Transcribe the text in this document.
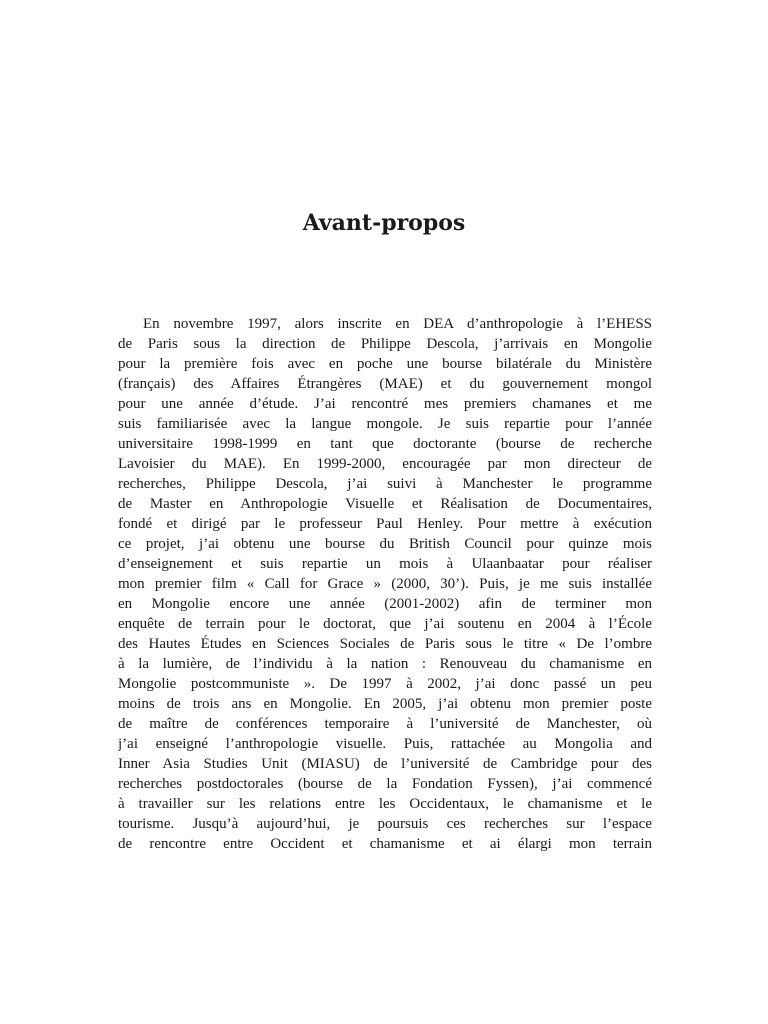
Avant-propos
En novembre 1997, alors inscrite en DEA d’anthropologie à l’EHESS
de Paris sous la direction de Philippe Descola, j’arrivais en Mongolie
pour la première fois avec en poche une bourse bilatérale du Ministère
(français) des Affaires Étrangères (MAE) et du gouvernement mongol
pour une année d’étude. J’ai rencontré mes premiers chamanes et me
suis familiarisée avec la langue mongole. Je suis repartie pour l’année
universitaire 1998-1999 en tant que doctorante (bourse de recherche
Lavoisier du MAE). En 1999-2000, encouragée par mon directeur de
recherches, Philippe Descola, j’ai suivi à Manchester le programme
de Master en Anthropologie Visuelle et Réalisation de Documentaires,
fondé et dirigé par le professeur Paul Henley. Pour mettre à exécution
ce projet, j’ai obtenu une bourse du British Council pour quinze mois
d’enseignement et suis repartie un mois à Ulaanbaatar pour réaliser
mon premier film « Call for Grace » (2000, 30’). Puis, je me suis installée
en Mongolie encore une année (2001-2002) afin de terminer mon
enquête de terrain pour le doctorat, que j’ai soutenu en 2004 à l’École
des Hautes Études en Sciences Sociales de Paris sous le titre « De l’ombre
à la lumière, de l’individu à la nation : Renouveau du chamanisme en
Mongolie postcommuniste ». De 1997 à 2002, j’ai donc passé un peu
moins de trois ans en Mongolie. En 2005, j’ai obtenu mon premier poste
de maître de conférences temporaire à l’université de Manchester, où
j’ai enseigné l’anthropologie visuelle. Puis, rattachée au Mongolia and
Inner Asia Studies Unit (MIASU) de l’université de Cambridge pour des
recherches postdoctorales (bourse de la Fondation Fyssen), j’ai commencé
à travailler sur les relations entre les Occidentaux, le chamanisme et le
tourisme. Jusqu’à aujourd’hui, je poursuis ces recherches sur l’espace
de rencontre entre Occident et chamanisme et ai élargi mon terrain
